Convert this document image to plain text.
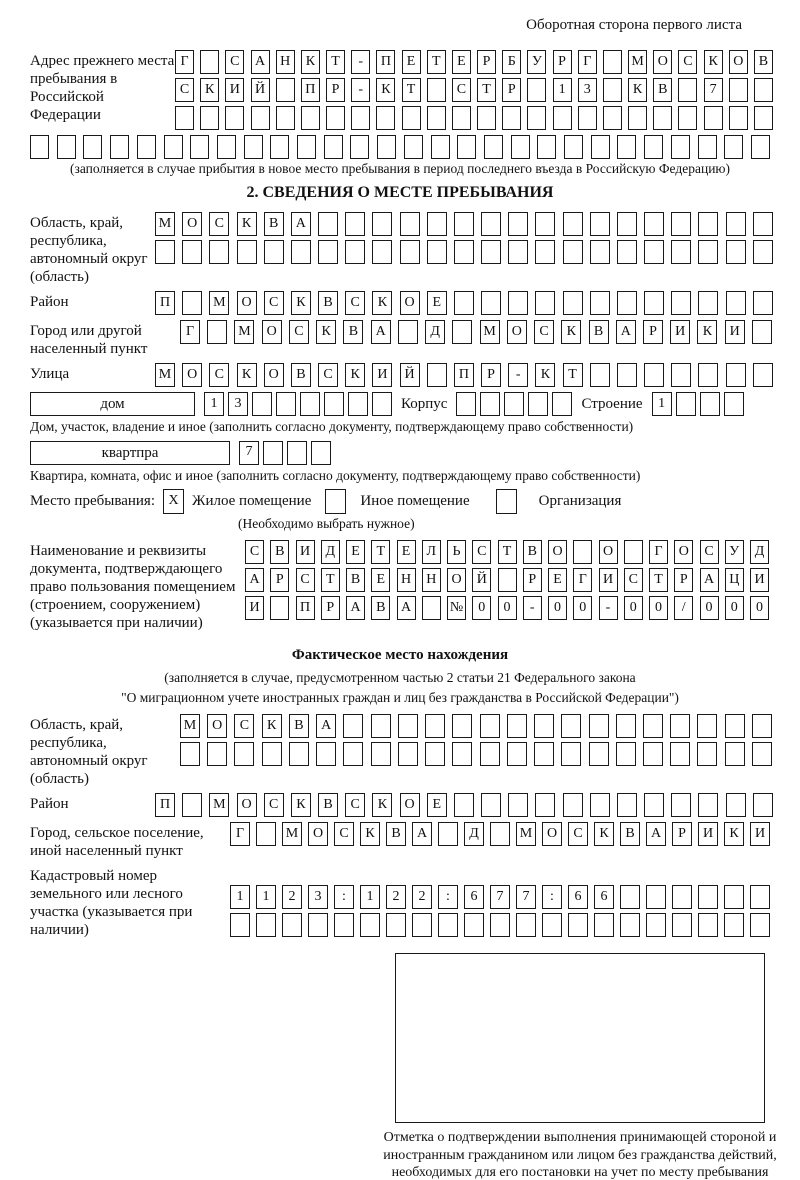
Оборотная сторона первого листа
Адрес прежнего места пребывания в Российской Федерации
Г	С	А	Н	К	Т	-	П	Е	Т	Е	Р	Б	У	Р	Г	М О	С	К	О	В
С	К	И	Й	П	Р	-	К	Т	С	Т	Р	1	3	К	В	7
(заполняется в случае прибытия в новое место пребывания в период последнего въезда в Российскую Федерацию)
2. СВЕДЕНИЯ О МЕСТЕ ПРЕБЫВАНИЯ
Область, край, республика, автономный округ (область)
М	О	С	К	В	А
Район	П	М	О	С	К	В	С	К	О	Е
Город или другой населенный пункт
Г	М	О	С	К	В	А	Д	М	О	С	К	В	А	Р	И	К	И
Улица	М	О	С	К	О	В	С	К	И	Й	П	Р	-	К	Т
дом	1	3	Корпус	Строение	1
Дом, участок, владение и иное (заполнить согласно документу, подтверждающему право собственности)
квартпра	7
Квартира, комната, офис и иное (заполнить согласно документу, подтверждающему право собственности)
Место пребывания: X Жилое помещение	Иное помещение	Организация
(Необходимо выбрать нужное)
Наименование и реквизиты документа, подтверждающего право пользования помещением (строением, сооружением) (указывается при наличии)
С	В	И	Д	Е	Т	Е	Л	Ь	С	Т	В	О	О	Г	О	С	У	Д
А	Р	С	Т	В	Е	Н	Н	О	Й	Р	Е	Г	И	С	Т	Р	А	Ц	И
И	П	Р	А	В	А	№	0	0	-	0	0	-	0	0	/	0	0	0
Фактическое место нахождения
(заполняется в случае, предусмотренном частью 2 статьи 21 Федерального закона
"О миграционном учете иностранных граждан и лиц без гражданства в Российской Федерации")
Область, край, республика, автономный округ (область)
М	О	С	К	В	А
Район	П	М	О	С	К	В	С	К	О	Е
Город, сельское поселение, иной населенный пункт
Г	М	О	С	К	В	А	Д	М	О	С	К	В	А	Р	И	К	И
Кадастровый номер земельного или лесного участка (указывается при наличии)
1	1	2	3	:	1	2	2	:	6	7	7	:	6	6
Отметка о подтверждении выполнения принимающей стороной и иностранным гражданином или лицом без гражданства действий, необходимых для его постановки на учет по месту пребывания
